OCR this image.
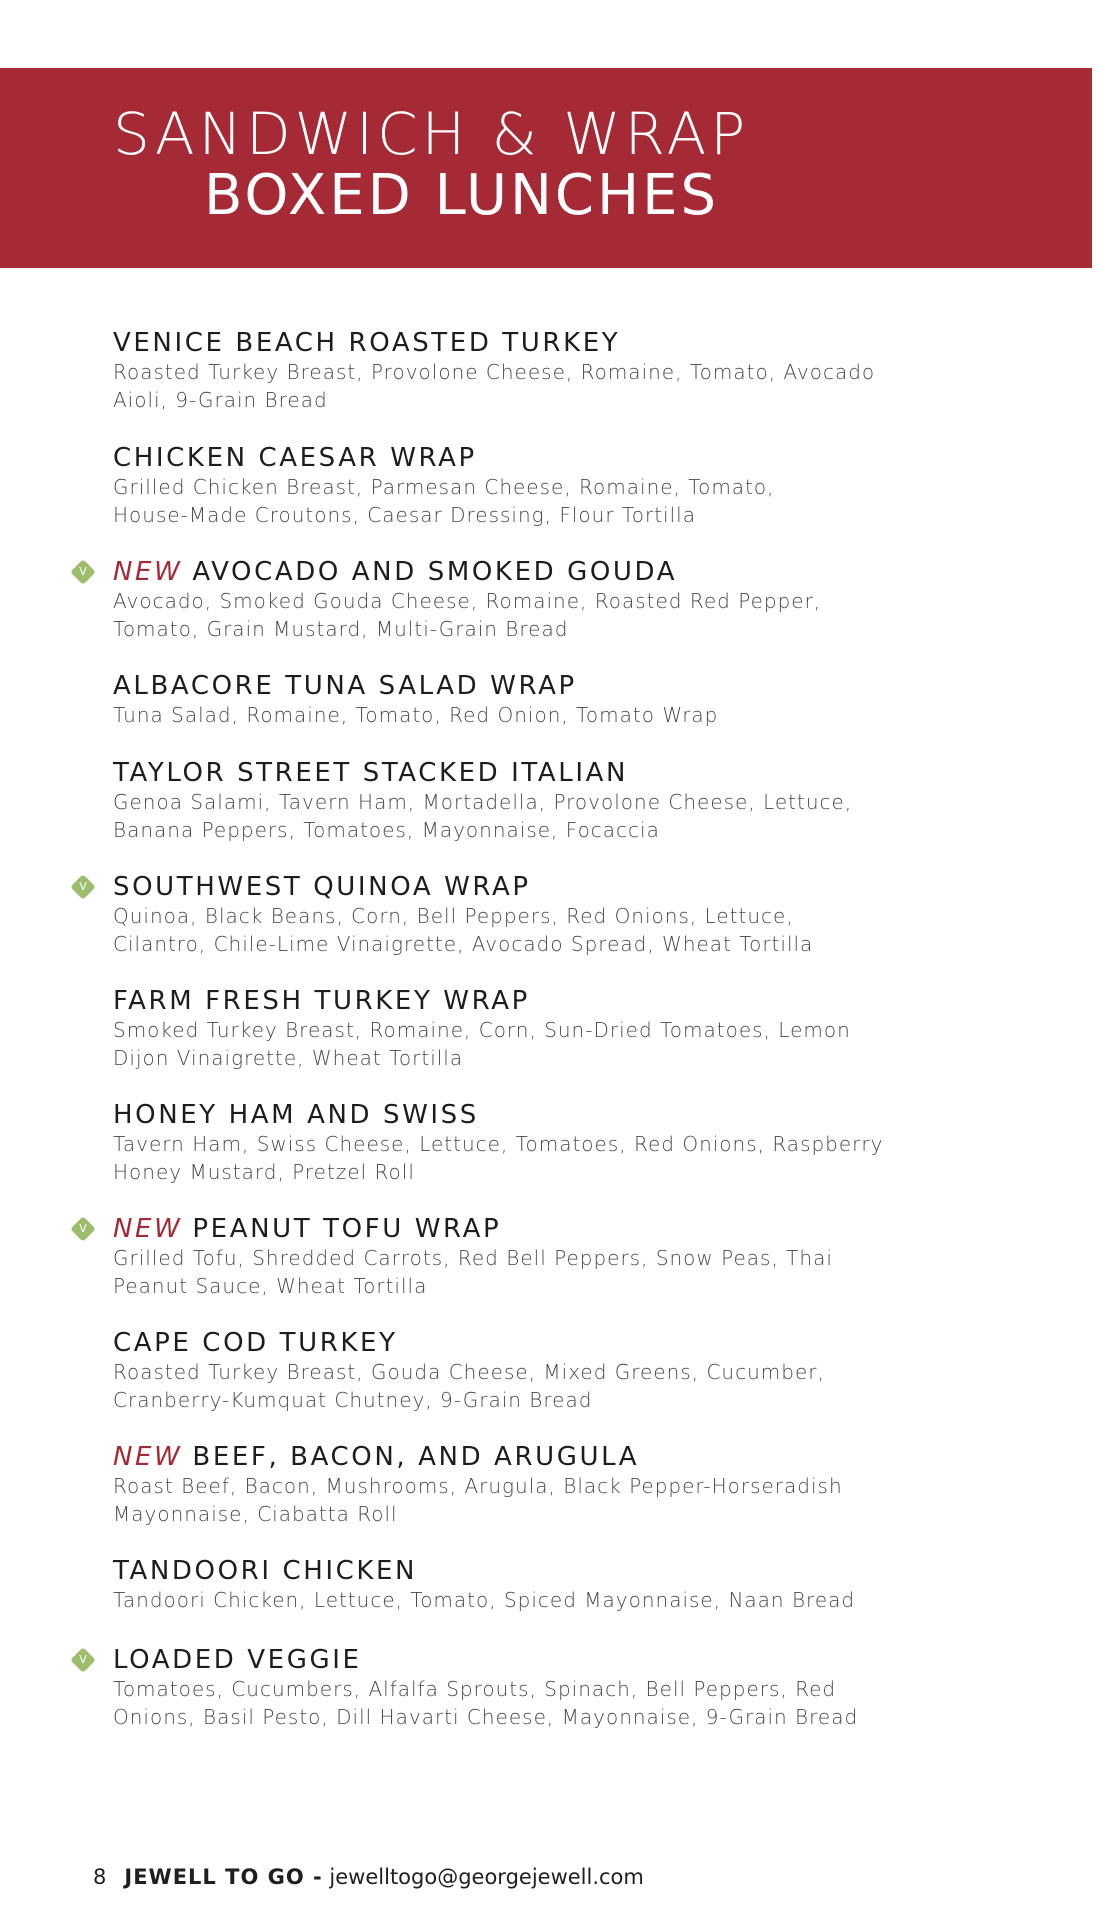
SANDWICH & WRAP
BOXED LUNCHES
VENICE BEACH ROASTED TURKEY
Roasted Turkey Breast, Provolone Cheese, Romaine, Tomato, Avocado
Aioli, 9-Grain Bread
CHICKEN CAESAR WRAP
Grilled Chicken Breast, Parmesan Cheese, Romaine, Tomato,
House-Made Croutons, Caesar Dressing, Flour Tortilla
V	NEW AVOCADO AND SMOKED GOUDA
Avocado, Smoked Gouda Cheese, Romaine, Roasted Red Pepper,
Tomato, Grain Mustard, Multi-Grain Bread
ALBACORE TUNA SALAD WRAP
Tuna Salad, Romaine, Tomato, Red Onion, Tomato Wrap
TAYLOR STREET STACKED ITALIAN
Genoa Salami, Tavern Ham, Mortadella, Provolone Cheese, Lettuce,
Banana Peppers, Tomatoes, Mayonnaise, Focaccia
V	SOUTHWEST QUINOA WRAP
Quinoa, Black Beans, Corn, Bell Peppers, Red Onions, Lettuce,
Cilantro, Chile-Lime Vinaigrette, Avocado Spread, Wheat Tortilla
FARM FRESH TURKEY WRAP
Smoked Turkey Breast, Romaine, Corn, Sun-Dried Tomatoes, Lemon
Dijon Vinaigrette, Wheat Tortilla
HONEY HAM AND SWISS
Tavern Ham, Swiss Cheese, Lettuce, Tomatoes, Red Onions, Raspberry
Honey Mustard, Pretzel Roll
V	NEW PEANUT TOFU WRAP
Grilled Tofu, Shredded Carrots, Red Bell Peppers, Snow Peas, Thai
Peanut Sauce, Wheat Tortilla
CAPE COD TURKEY
Roasted Turkey Breast, Gouda Cheese, Mixed Greens, Cucumber,
Cranberry-Kumquat Chutney, 9-Grain Bread
NEW BEEF, BACON, AND ARUGULA
Roast Beef, Bacon, Mushrooms, Arugula, Black Pepper-Horseradish
Mayonnaise, Ciabatta Roll
TANDOORI CHICKEN
Tandoori Chicken, Lettuce, Tomato, Spiced Mayonnaise, Naan Bread
V	LOADED VEGGIE
Tomatoes, Cucumbers, Alfalfa Sprouts, Spinach, Bell Peppers, Red
Onions, Basil Pesto, Dill Havarti Cheese, Mayonnaise, 9-Grain Bread
8 JEWELL TO GO - jewelltogo@georgejewell.com
